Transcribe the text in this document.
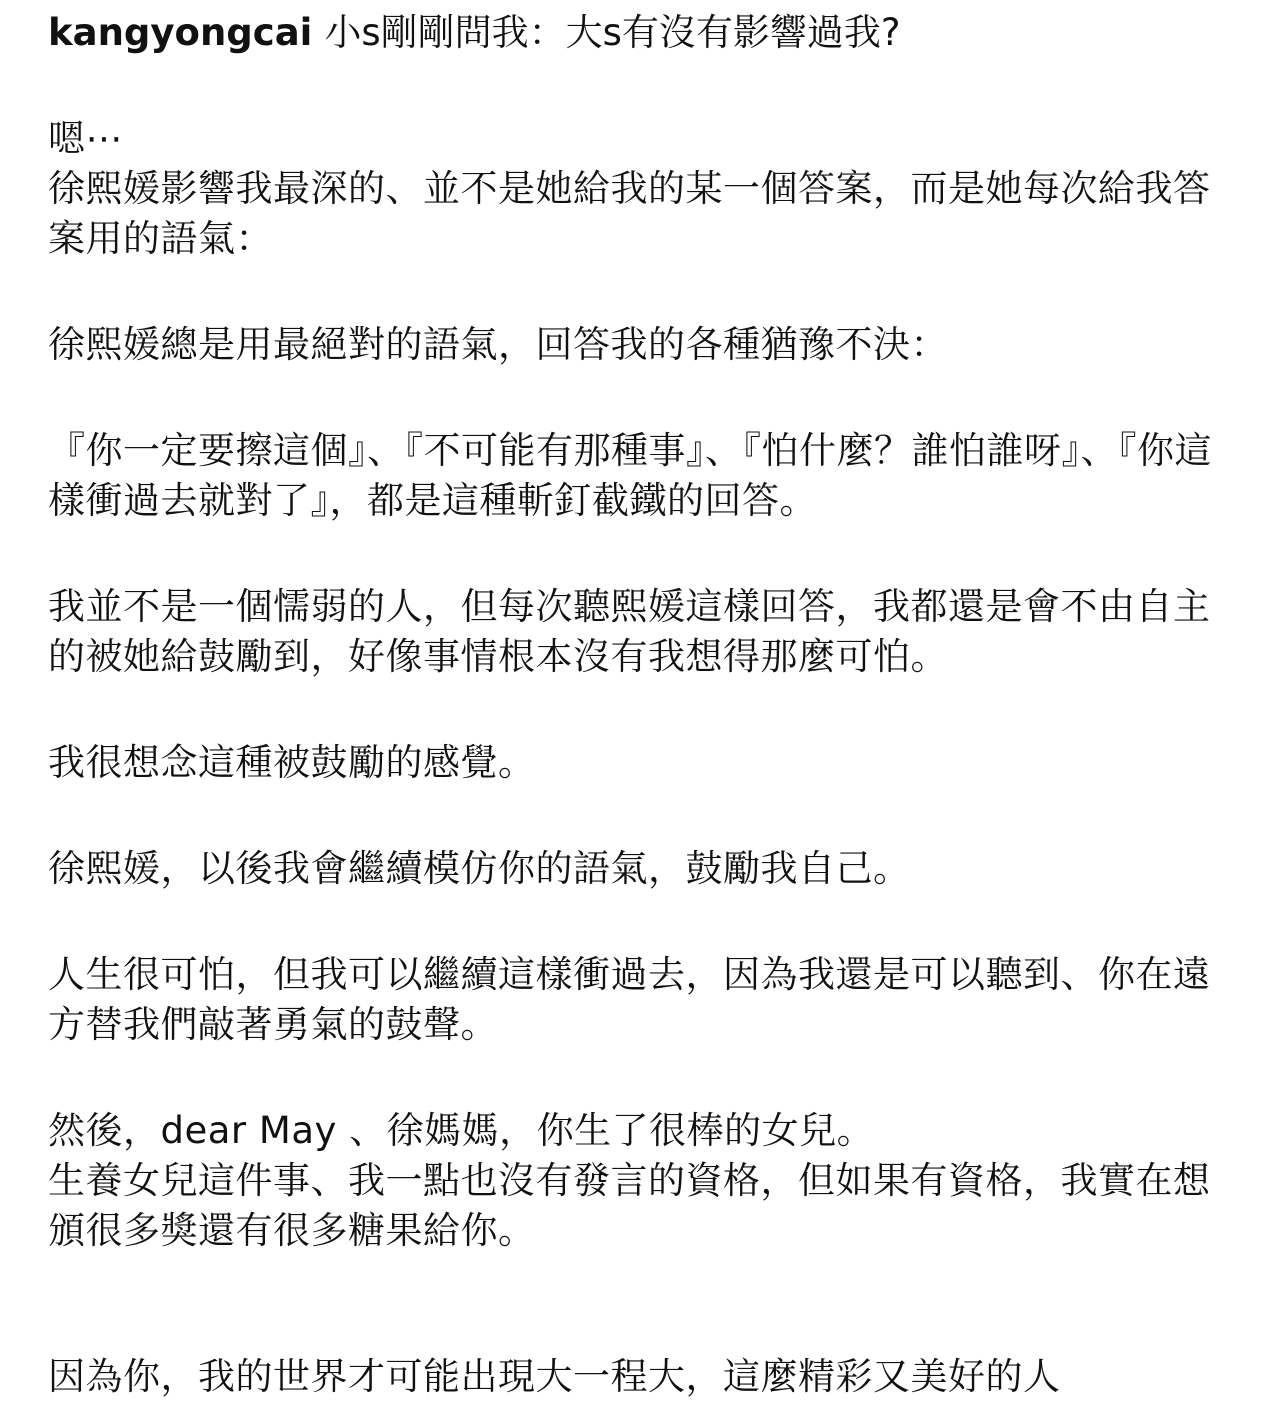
kangyongcai 小s剛剛問我：大s有沒有影響過我?

嗯⋯

徐熙媛影響我最深的、並不是她給我的某一個答案，而是她每次給我答案用的語氣：

徐熙媛總是用最絕對的語氣，回答我的各種猶豫不決：

『你一定要擦這個』、『不可能有那種事』、『怕什麼？誰怕誰呀』、『你這樣衝過去就對了』，都是這種斬釘截鐵的回答。

我並不是一個懦弱的人，但每次聽熙媛這樣回答，我都還是會不由自主的被她給鼓勵到，好像事情根本沒有我想得那麼可怕。

我很想念這種被鼓勵的感覺。

徐熙媛，以後我會繼續模仿你的語氣，鼓勵我自己。

人生很可怕，但我可以繼續這樣衝過去，因為我還是可以聽到、你在遠方替我們敲著勇氣的鼓聲。

然後，dear May 、徐媽媽，你生了很棒的女兒。

生養女兒這件事、我一點也沒有發言的資格，但如果有資格，我實在想頒很多獎還有很多糖果給你。

因為你，我的世界才可能出現大一程大，這麼精彩又美好的人
